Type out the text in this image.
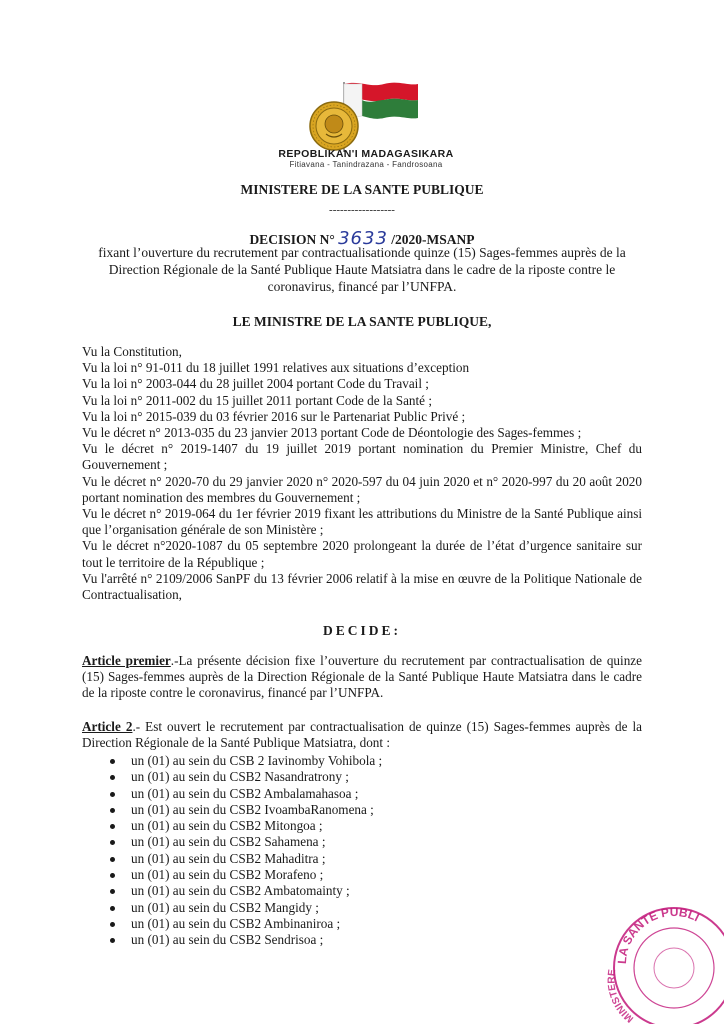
REPOBLIKAN'I MADAGASIKARA
Fitiavana - Tanindrazana - Fandrosoana
MINISTERE DE LA SANTE PUBLIQUE
------------------
DECISION N° 3633 /2020-MSANP
fixant l’ouverture du recrutement par contractualisationde quinze (15) Sages-femmes auprès de la Direction Régionale de la Santé Publique Haute Matsiatra dans le cadre de la riposte contre le coronavirus, financé par l’UNFPA.
LE MINISTRE DE LA SANTE PUBLIQUE,

Vu la Constitution,

Vu la loi n° 91-011 du 18 juillet 1991 relatives aux situations d’exception

Vu la loi n° 2003-044 du 28 juillet 2004 portant Code du Travail ;

Vu la loi n° 2011-002 du 15 juillet 2011 portant Code de la Santé ;

Vu la loi n° 2015-039 du 03 février 2016 sur le Partenariat Public Privé ;

Vu le décret n° 2013-035 du 23 janvier 2013 portant Code de Déontologie des Sages-femmes ;

Vu le décret n° 2019-1407 du 19 juillet 2019 portant nomination du Premier Ministre, Chef du Gouvernement ;

Vu le décret n° 2020-70 du 29 janvier 2020 n° 2020-597 du 04 juin 2020 et n° 2020-997 du 20 août 2020 portant nomination des membres du Gouvernement ;

Vu le décret n° 2019-064 du 1er février 2019 fixant les attributions du Ministre de la Santé Publique ainsi que l’organisation générale de son Ministère ;

Vu le décret n°2020-1087 du 05 septembre 2020 prolongeant la durée de l’état d’urgence sanitaire sur tout le territoire de la République ;

Vu l'arrêté n° 2109/2006 SanPF du 13 février 2006 relatif à la mise en œuvre de la Politique Nationale de Contractualisation,

DECIDE:
Article premier.-La présente décision fixe l’ouverture du recrutement par contractualisation de quinze (15) Sages-femmes auprès de la Direction Régionale de la Santé Publique Haute Matsiatra dans le cadre de la riposte contre le coronavirus, financé par l’UNFPA.
Article 2.- Est ouvert le recrutement par contractualisation de quinze (15) Sages-femmes auprès de la Direction Régionale de la Santé Publique Matsiatra, dont :
un (01) au sein du CSB 2 Iavinomby Vohibola ;
un (01) au sein du CSB2 Nasandratrony ;
un (01) au sein du CSB2 Ambalamahasoa ;
un (01) au sein du CSB2 IvoambaRanomena ;
un (01) au sein du CSB2 Mitongoa ;
un (01) au sein du CSB2 Sahamena ;
un (01) au sein du CSB2 Mahaditra ;
un (01) au sein du CSB2 Morafeno ;
un (01) au sein du CSB2 Ambatomainty ;
un (01) au sein du CSB2 Mangidy ;
un (01) au sein du CSB2 Ambinaniroa ;
un (01) au sein du CSB2 Sendrisoa ;
LA SANTE PUBLI
MINISTERE
